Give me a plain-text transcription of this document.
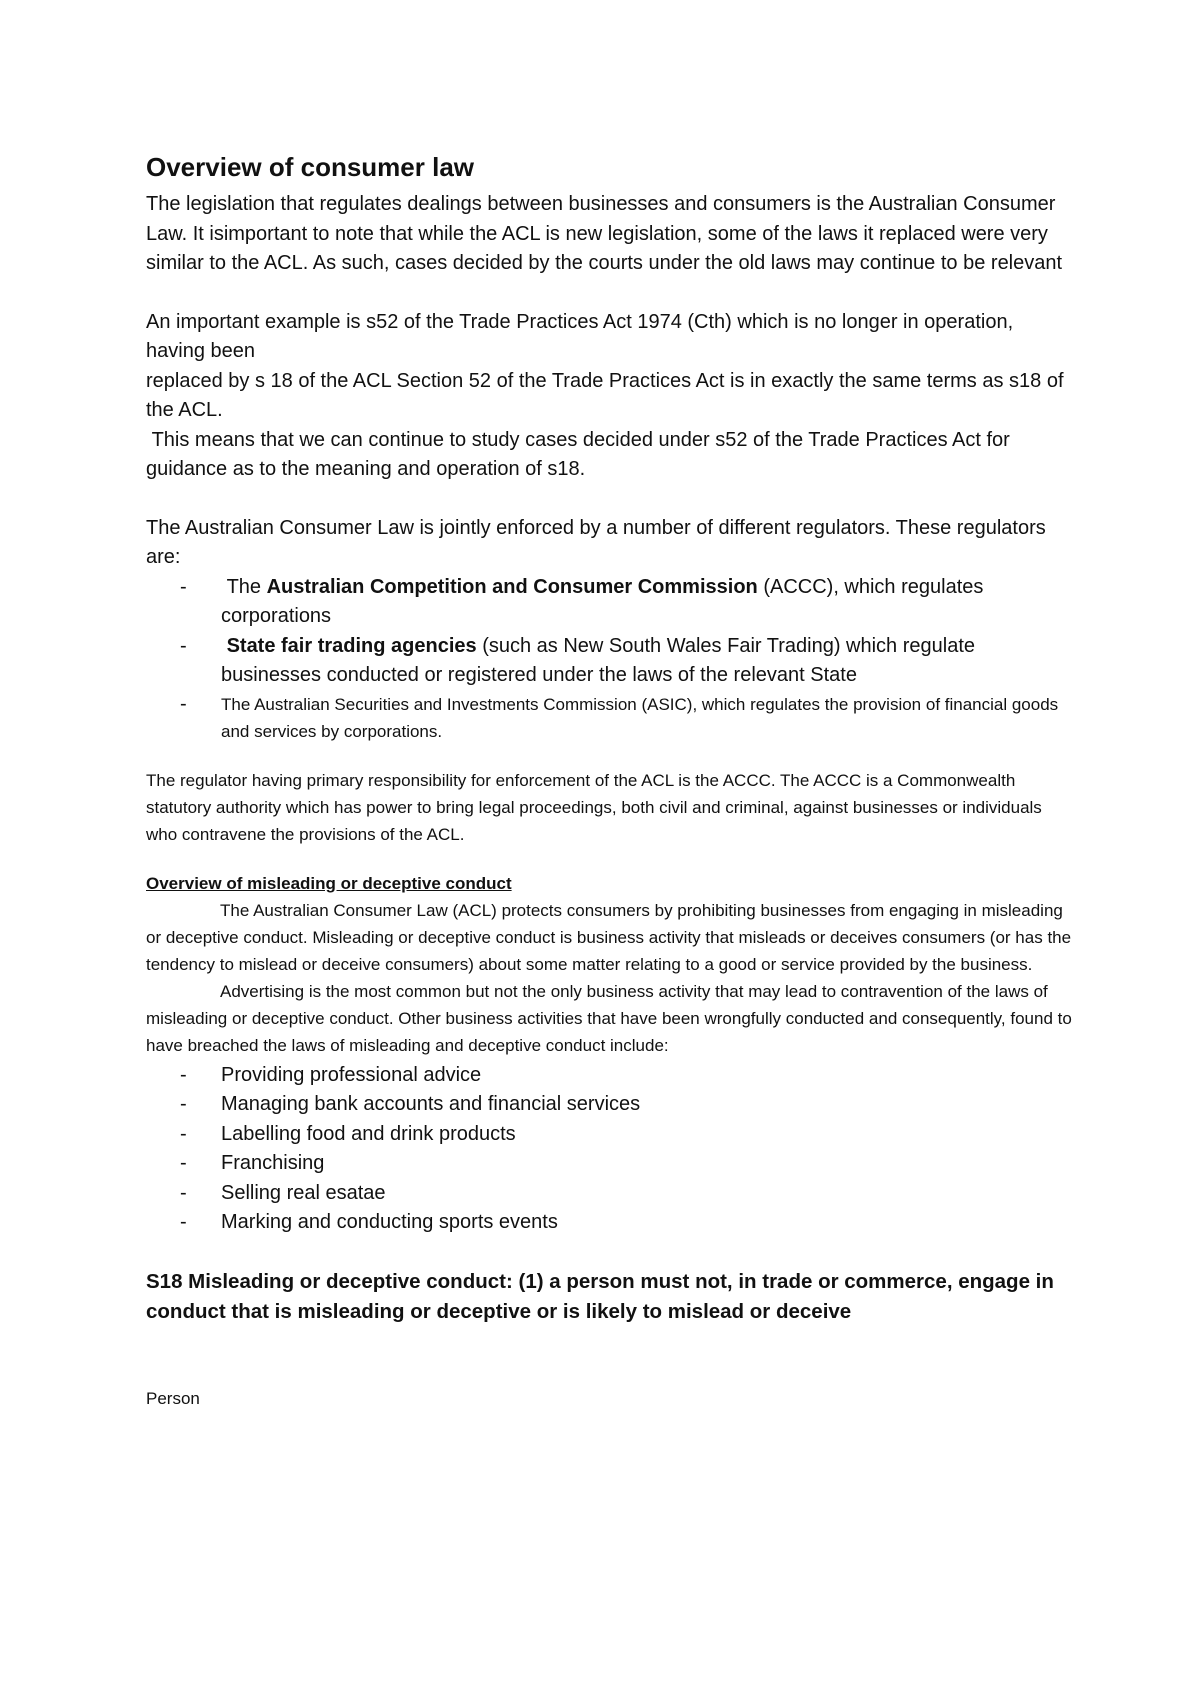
Overview of consumer law

The legislation that regulates dealings between businesses and consumers is the Australian Consumer Law. It isimportant to note that while the ACL is new legislation, some of the laws it replaced were very similar to the ACL. As such, cases decided by the courts under the old laws may continue to be relevant

An important example is s52 of the Trade Practices Act 1974 (Cth) which is no longer in operation, having been

replaced by s 18 of the ACL Section 52 of the Trade Practices Act is in exactly the same terms as s18 of the ACL.

This means that we can continue to study cases decided under s52 of the Trade Practices Act for guidance as to the meaning and operation of s18.

The Australian Consumer Law is jointly enforced by a number of different regulators. These regulators are:

- The Australian Competition and Consumer Commission (ACCC), which regulates corporations
- State fair trading agencies (such as New South Wales Fair Trading) which regulate businesses conducted or registered under the laws of the relevant State
- The Australian Securities and Investments Commission (ASIC), which regulates the provision of financial goods and services by corporations.

The regulator having primary responsibility for enforcement of the ACL is the ACCC. The ACCC is a Commonwealth statutory authority which has power to bring legal proceedings, both civil and criminal, against businesses or individuals who contravene the provisions of the ACL.

Overview of misleading or deceptive conduct

The Australian Consumer Law (ACL) protects consumers by prohibiting businesses from engaging in misleading or deceptive conduct. Misleading or deceptive conduct is business activity that misleads or deceives consumers (or has the tendency to mislead or deceive consumers) about some matter relating to a good or service provided by the business.

Advertising is the most common but not the only business activity that may lead to contravention of the laws of misleading or deceptive conduct. Other business activities that have been wrongfully conducted and consequently, found to have breached the laws of misleading and deceptive conduct include:

- Providing professional advice
- Managing bank accounts and financial services
- Labelling food and drink products
- Franchising
- Selling real esatae
- Marking and conducting sports events

S18 Misleading or deceptive conduct: (1) a person must not, in trade or commerce, engage in conduct that is misleading or deceptive or is likely to mislead or deceive

Person
